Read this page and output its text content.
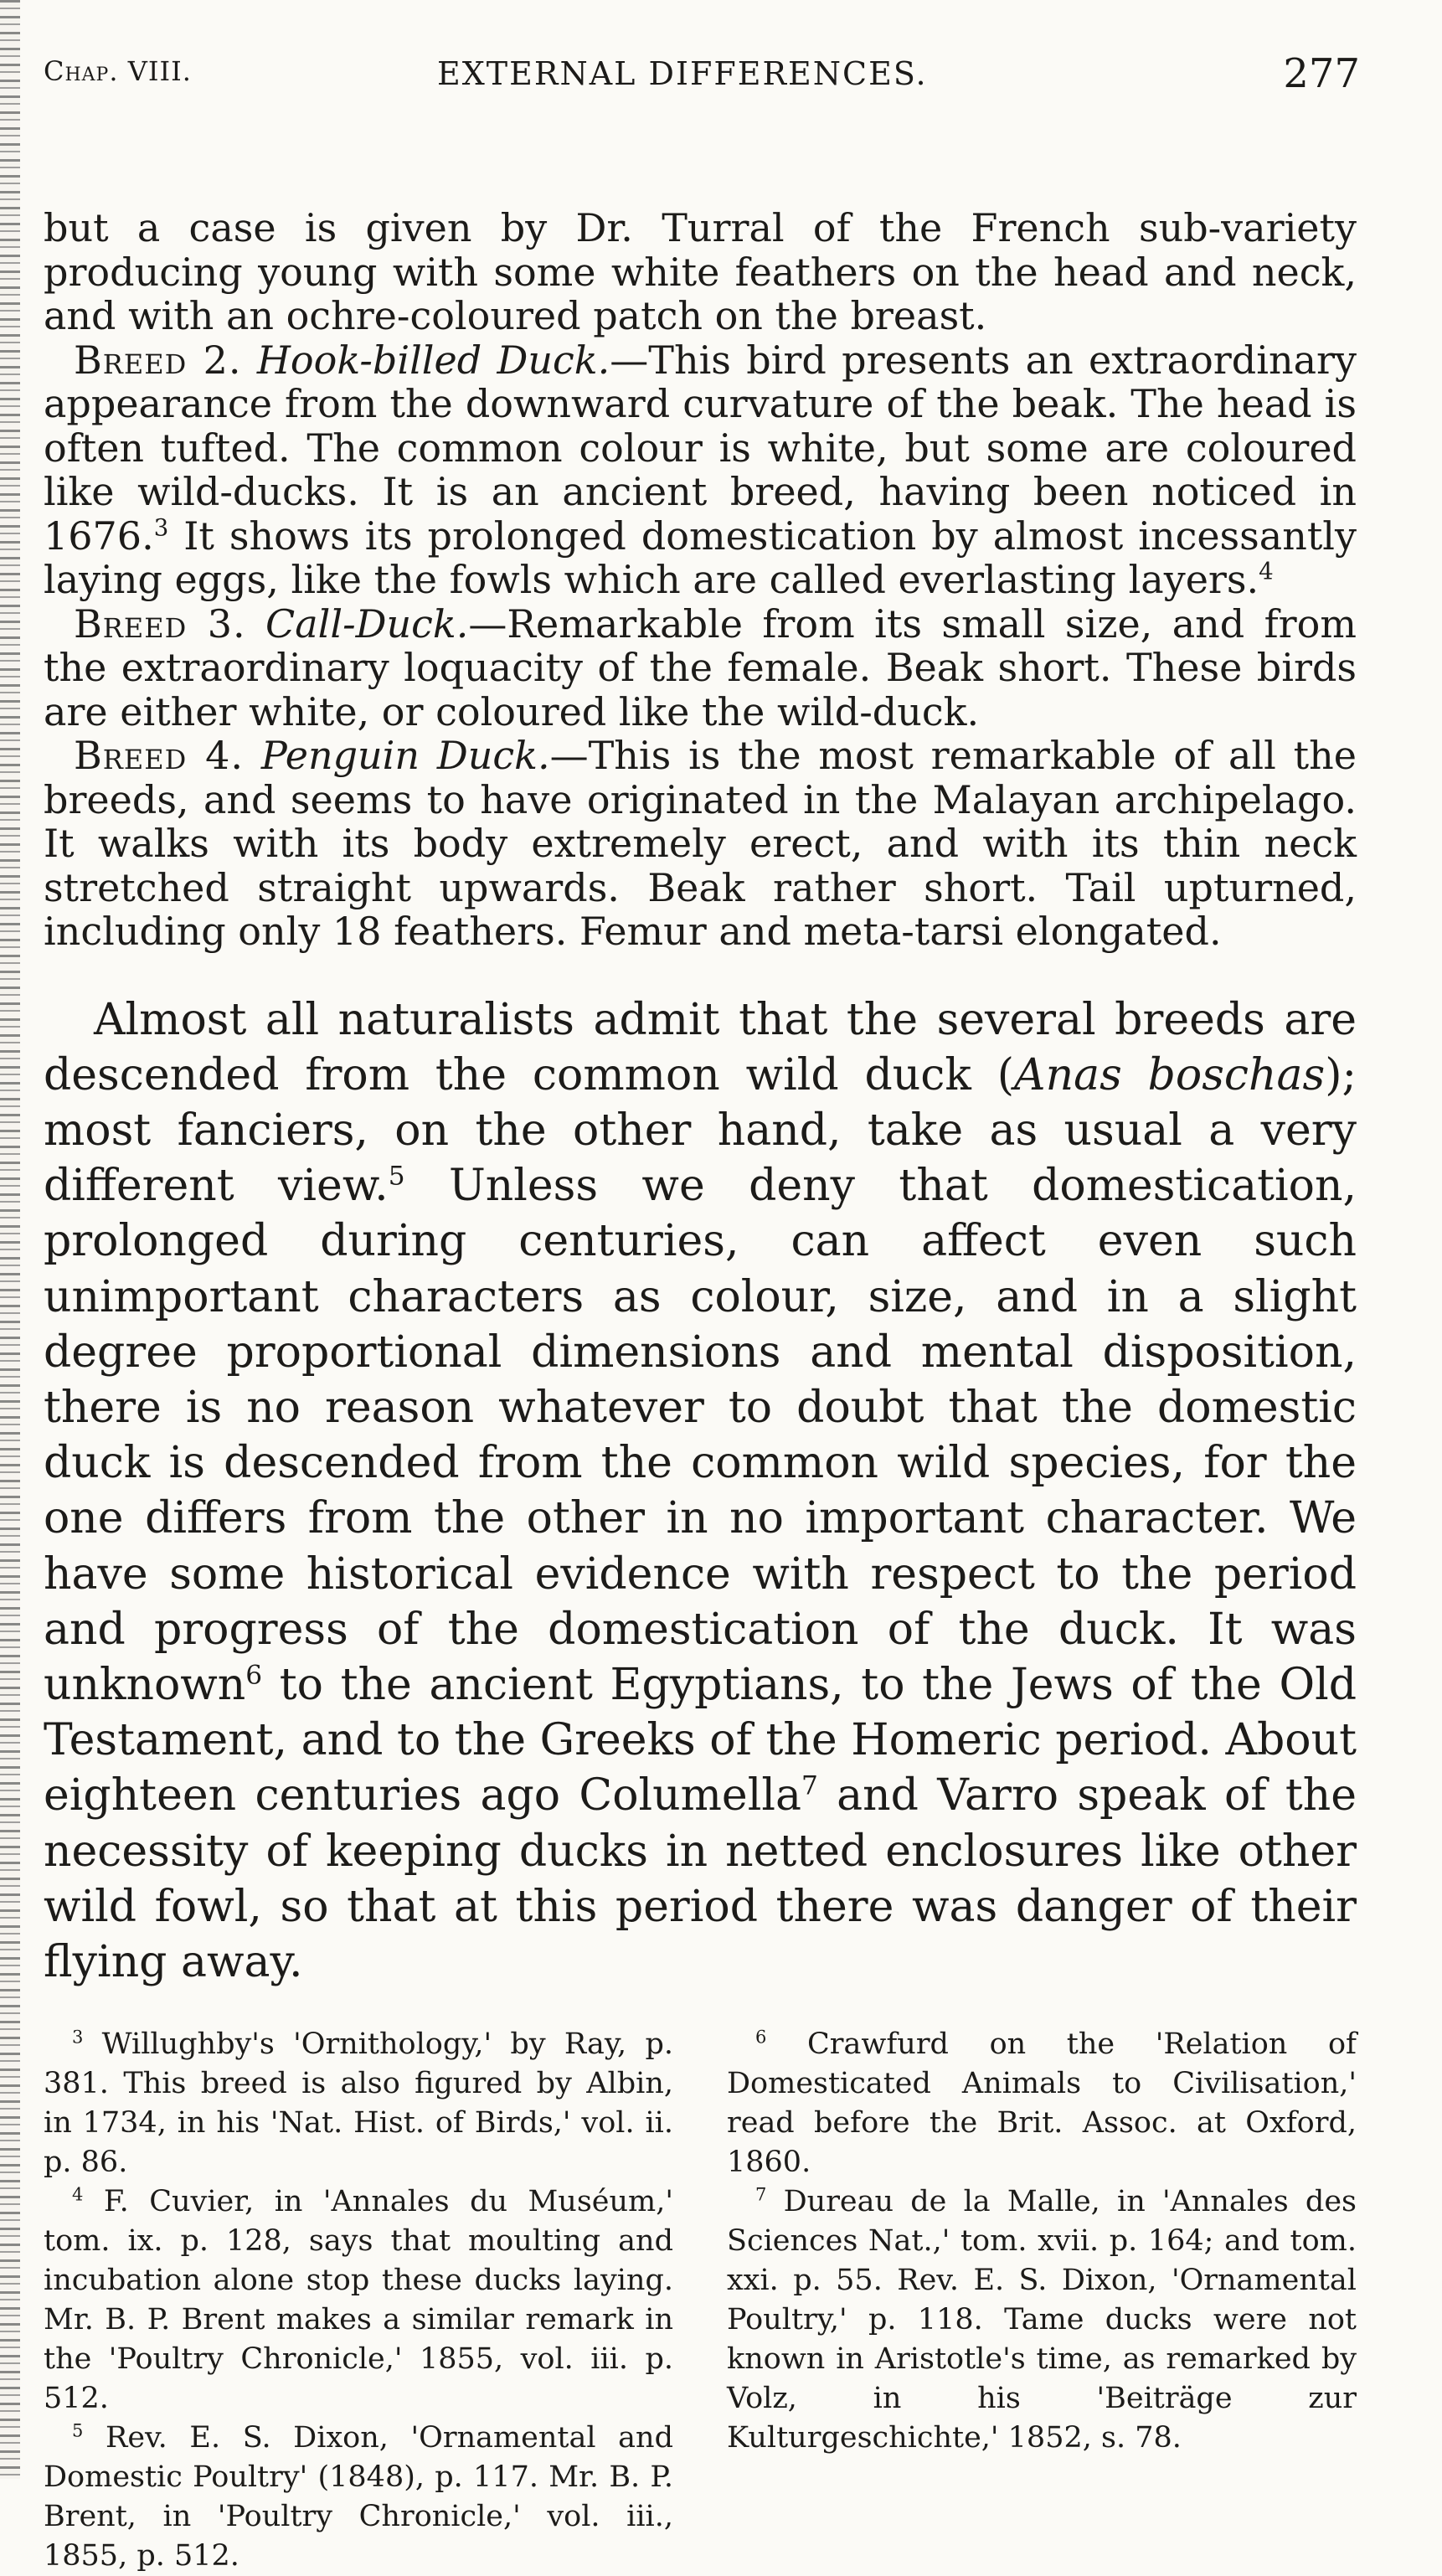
Chap. VIII.	EXTERNAL DIFFERENCES.	277

but a case is given by Dr. Turral of the French sub-variety producing young with some white feathers on the head and neck, and with an ochre-coloured patch on the breast.

Breed 2. Hook-billed Duck.—This bird presents an extraordinary appearance from the downward curvature of the beak. The head is often tufted. The common colour is white, but some are coloured like wild-ducks. It is an ancient breed, having been noticed in 1676.$^3$ It shows its prolonged domestication by almost incessantly laying eggs, like the fowls which are called everlasting layers.$^4$

Breed 3. Call-Duck.—Remarkable from its small size, and from the extraordinary loquacity of the female. Beak short. These birds are either white, or coloured like the wild-duck.

Breed 4. Penguin Duck.—This is the most remarkable of all the breeds, and seems to have originated in the Malayan archipelago. It walks with its body extremely erect, and with its thin neck stretched straight upwards. Beak rather short. Tail upturned, including only 18 feathers. Femur and meta-tarsi elongated.

Almost all naturalists admit that the several breeds are descended from the common wild duck (Anas boschas); most fanciers, on the other hand, take as usual a very different view.$^5$ Unless we deny that domestication, prolonged during centuries, can affect even such unimportant characters as colour, size, and in a slight degree proportional dimensions and mental disposition, there is no reason whatever to doubt that the domestic duck is descended from the common wild species, for the one differs from the other in no important character. We have some historical evidence with respect to the period and progress of the domestication of the duck. It was unknown$^6$ to the ancient Egyptians, to the Jews of the Old Testament, and to the Greeks of the Homeric period. About eighteen centuries ago Columella$^7$ and Varro speak of the necessity of keeping ducks in netted enclosures like other wild fowl, so that at this period there was danger of their flying away.

$^3$ Willughby's 'Ornithology,' by Ray, p. 381. This breed is also figured by Albin, in 1734, in his 'Nat. Hist. of Birds,' vol. ii. p. 86.

$^4$ F. Cuvier, in 'Annales du Muséum,' tom. ix. p. 128, says that moulting and incubation alone stop these ducks laying. Mr. B. P. Brent makes a similar remark in the 'Poultry Chronicle,' 1855, vol. iii. p. 512.

$^5$ Rev. E. S. Dixon, 'Ornamental and Domestic Poultry' (1848), p. 117. Mr. B. P. Brent, in 'Poultry Chronicle,' vol. iii., 1855, p. 512.

$^6$ Crawfurd on the 'Relation of Domesticated Animals to Civilisation,' read before the Brit. Assoc. at Oxford, 1860.

$^7$ Dureau de la Malle, in 'Annales des Sciences Nat.,' tom. xvii. p. 164; and tom. xxi. p. 55. Rev. E. S. Dixon, 'Ornamental Poultry,' p. 118. Tame ducks were not known in Aristotle's time, as remarked by Volz, in his 'Beiträge zur Kulturgeschichte,' 1852, s. 78.
